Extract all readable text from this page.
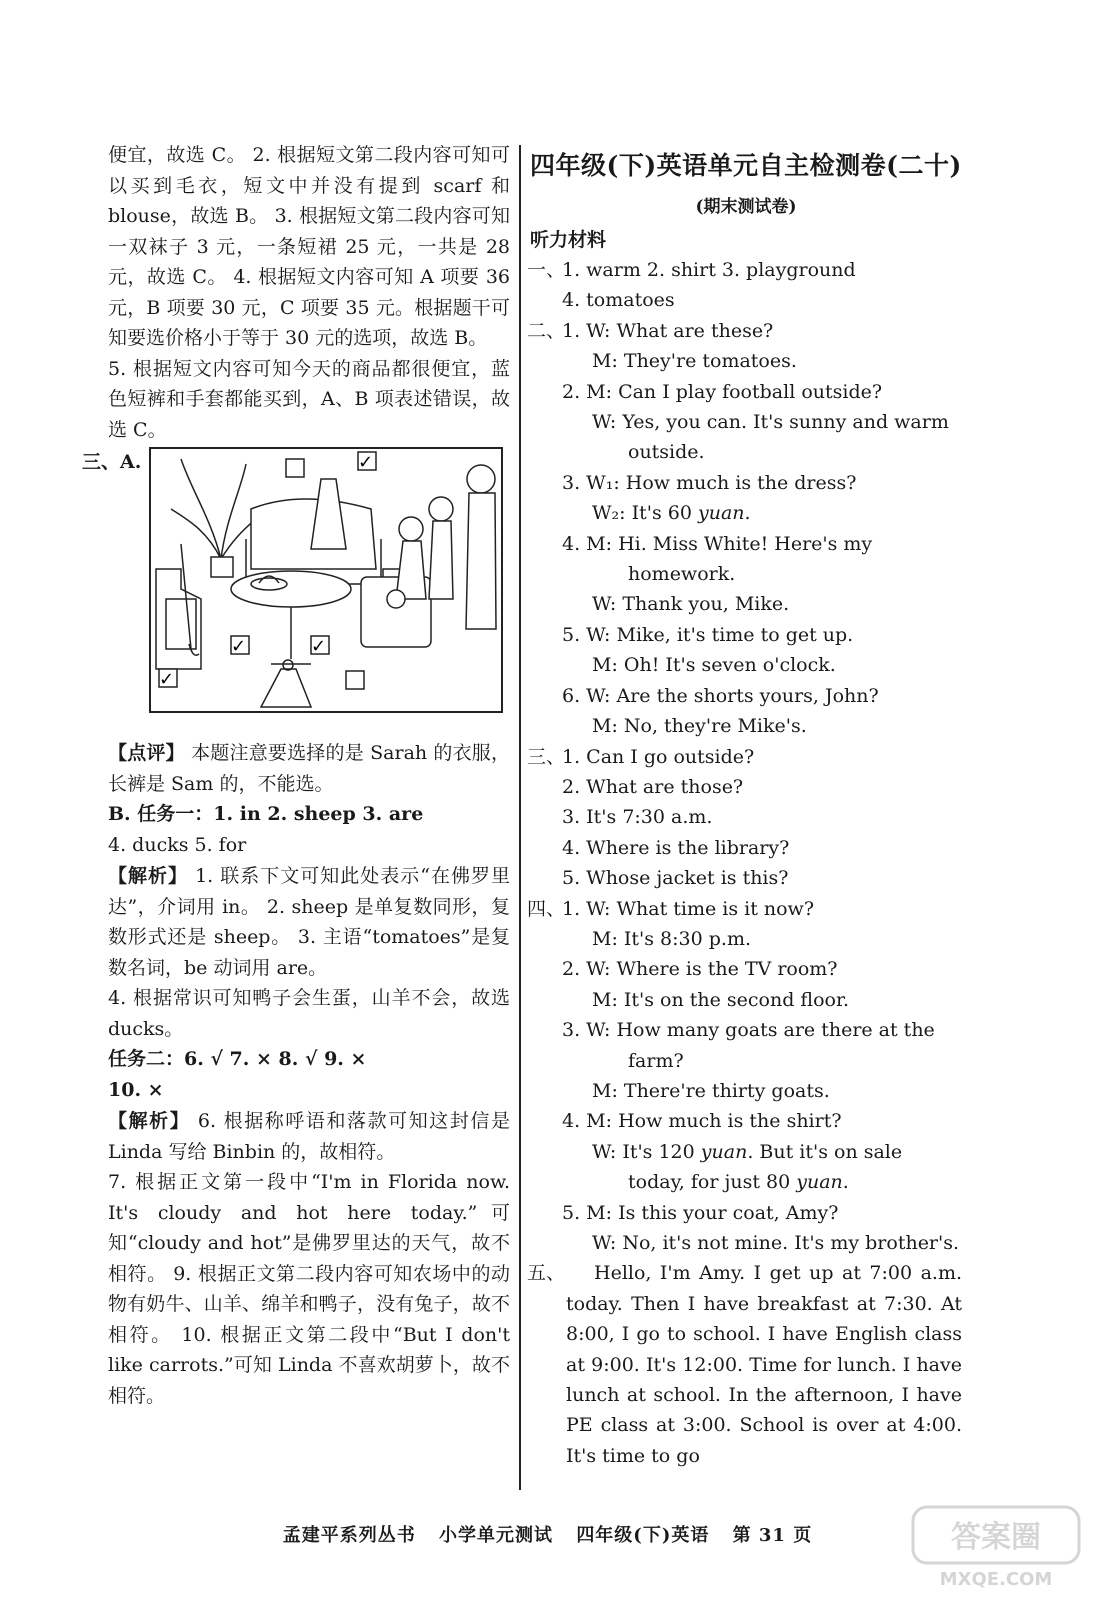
便宜，故选 C。 2. 根据短文第二段内容可知可以买到毛衣，短文中并没有提到 scarf 和 blouse，故选 B。 3. 根据短文第二段内容可知一双袜子 3 元，一条短裙 25 元，一共是 28 元，故选 C。 4. 根据短文内容可知 A 项要 36 元，B 项要 30 元，C 项要 35 元。根据题干可知要选价格小于等于 30 元的选项，故选 B。

5. 根据短文内容可知今天的商品都很便宜，蓝色短裤和手套都能买到，A、B 项表述错误，故选 C。

三、A.	✓
✓	✓
✓

【点评】 本题注意要选择的是 Sarah 的衣服，长裤是 Sam 的，不能选。

B. 任务一：1. in 2. sheep 3. are

4. ducks 5. for

【解析】 1. 联系下文可知此处表示“在佛罗里达”，介词用 in。 2. sheep 是单复数同形，复数形式还是 sheep。 3. 主语“tomatoes”是复数名词，be 动词用 are。

4. 根据常识可知鸭子会生蛋，山羊不会，故选 ducks。

任务二：6. √ 7. × 8. √ 9. ×

10. ×

【解析】 6. 根据称呼语和落款可知这封信是 Linda 写给 Binbin 的，故相符。

7. 根据正文第一段中“I'm in Florida now. It's cloudy and hot here today.”可知“cloudy and hot”是佛罗里达的天气，故不相符。 9. 根据正文第二段内容可知农场中的动物有奶牛、山羊、绵羊和鸭子，没有兔子，故不相符。 10. 根据正文第二段中“But I don't like carrots.”可知 Linda 不喜欢胡萝卜，故不相符。

四年级(下)英语单元自主检测卷(二十)
(期末测试卷)

听力材料

一、
1. warm 2. shirt 3. playground

4. tomatoes

二、
1. W: What are these?

M: They're tomatoes.

2. M: Can I play football outside?

W: Yes, you can. It's sunny and warm

outside.

3. W₁: How much is the dress?

W₂: It's 60 yuan.

4. M: Hi. Miss White! Here's my

homework.

W: Thank you, Mike.

5. W: Mike, it's time to get up.

M: Oh! It's seven o'clock.

6. W: Are the shorts yours, John?

M: No, they're Mike's.

三、
1. Can I go outside?

2. What are those?

3. It's 7:30 a.m.

4. Where is the library?

5. Whose jacket is this?

四、
1. W: What time is it now?

M: It's 8:30 p.m.

2. W: Where is the TV room?

M: It's on the second floor.

3. W: How many goats are there at the

farm?

M: There're thirty goats.

4. M: How much is the shirt?

W: It's 120 yuan. But it's on sale

today, for just 80 yuan.

5. M: Is this your coat, Amy?

W: No, it's not mine. It's my brother's.

五、	Hello, I'm Amy. I get up at 7:00 a.m. today. Then I have breakfast at 7:30. At 8:00, I go to school. I have English class at 9:00. It's 12:00. Time for lunch. I have lunch at school. In the afternoon, I have PE class at 3:00. School is over at 4:00. It's time to go

孟建平系列丛书 小学单元测试 四年级(下)英语 第 31 页	答案圈
MXQE.COM
